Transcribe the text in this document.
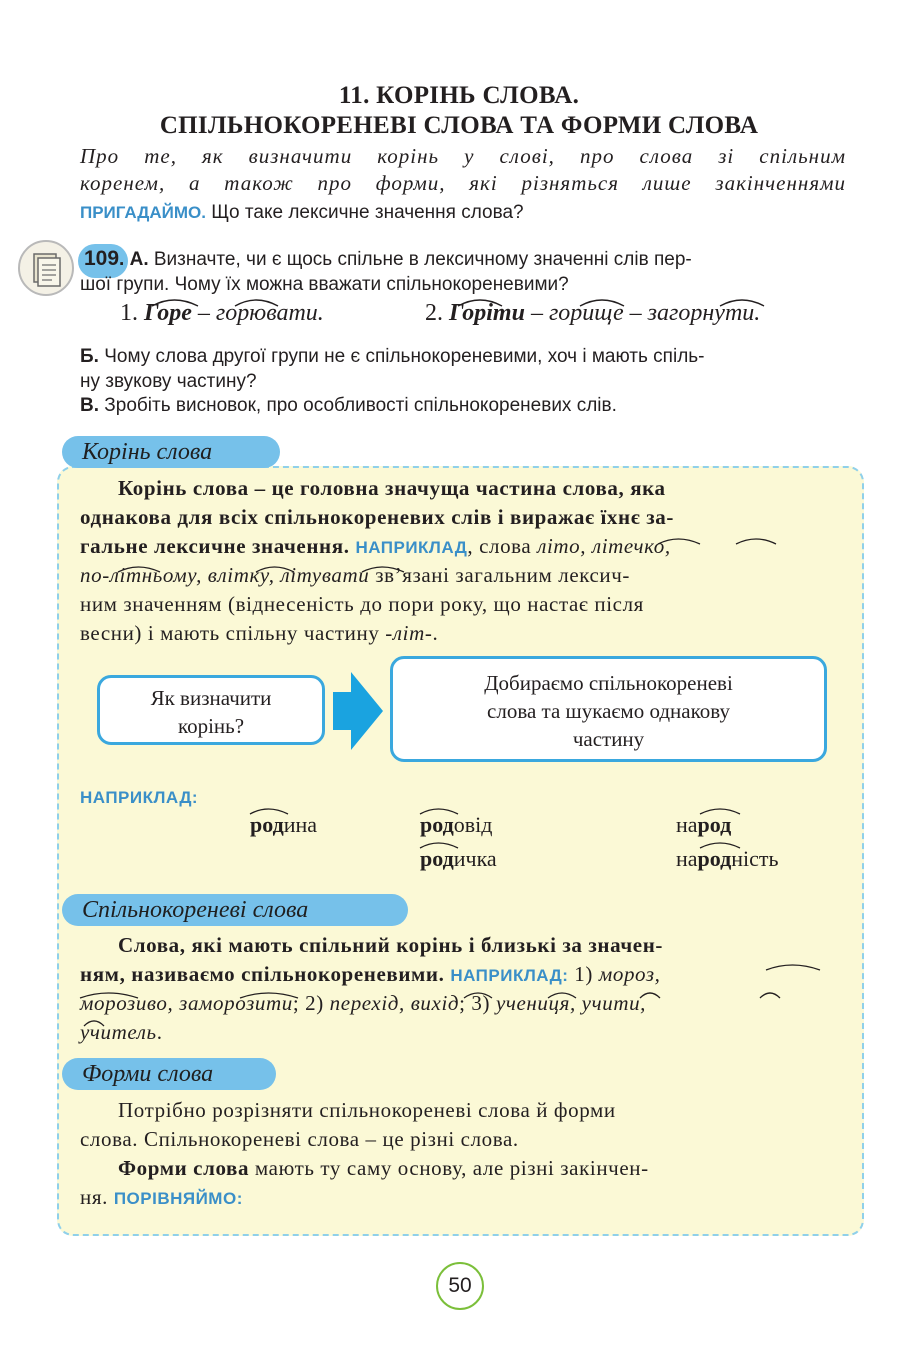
11. КОРІНЬ СЛОВА.
СПІЛЬНОКОРЕНЕВІ СЛОВА ТА ФОРМИ СЛОВА
Про те, як визначити корінь у слові, про слова зі спільним
коренем, а також про форми, які різняться лише закінченнями
ПРИГАДАЙМО. Що таке лексичне значення слова?
109. А. Визначте, чи є щось спільне в лексичному значенні слів пер-
шої групи. Чому їх можна вважати спільнокореневими?
1. Горе – горювати.	2. Горіти – горище – загорнути.
Б. Чому слова другої групи не є спільнокореневими, хоч і мають спіль-
ну звукову частину?
В. Зробіть висновок, про особливості спільнокореневих слів.
Корінь слова
Корінь слова – це головна значуща частина слова, яка
однакова для всіх спільнокореневих слів і виражає їхнє за-
гальне лексичне значення. НАПРИКЛАД, слова літо, літечко,
по-літньому, влітку, літувати зв’язані загальним лексич-
ним значенням (віднесеність до пори року, що настає після
весни) і мають спільну частину -літ-.
Як визначити
корінь?
Добираємо спільнокореневі
слова та шукаємо однакову
частину
НАПРИКЛАД:
родина	родовід
родичка
народ
народність
Спільнокореневі слова
Слова, які мають спільний корінь і близькі за значен-
ням, називаємо спільнокореневими. НАПРИКЛАД: 1) мороз,
морозиво, заморозити; 2) перехід, вихід; 3) учениця, учити,
учитель.
Форми слова
Потрібно розрізняти спільнокореневі слова й форми
слова. Спільнокореневі слова – це різні слова.
Форми слова мають ту саму основу, але різні закінчен-
ня. ПОРІВНЯЙМО:
50
